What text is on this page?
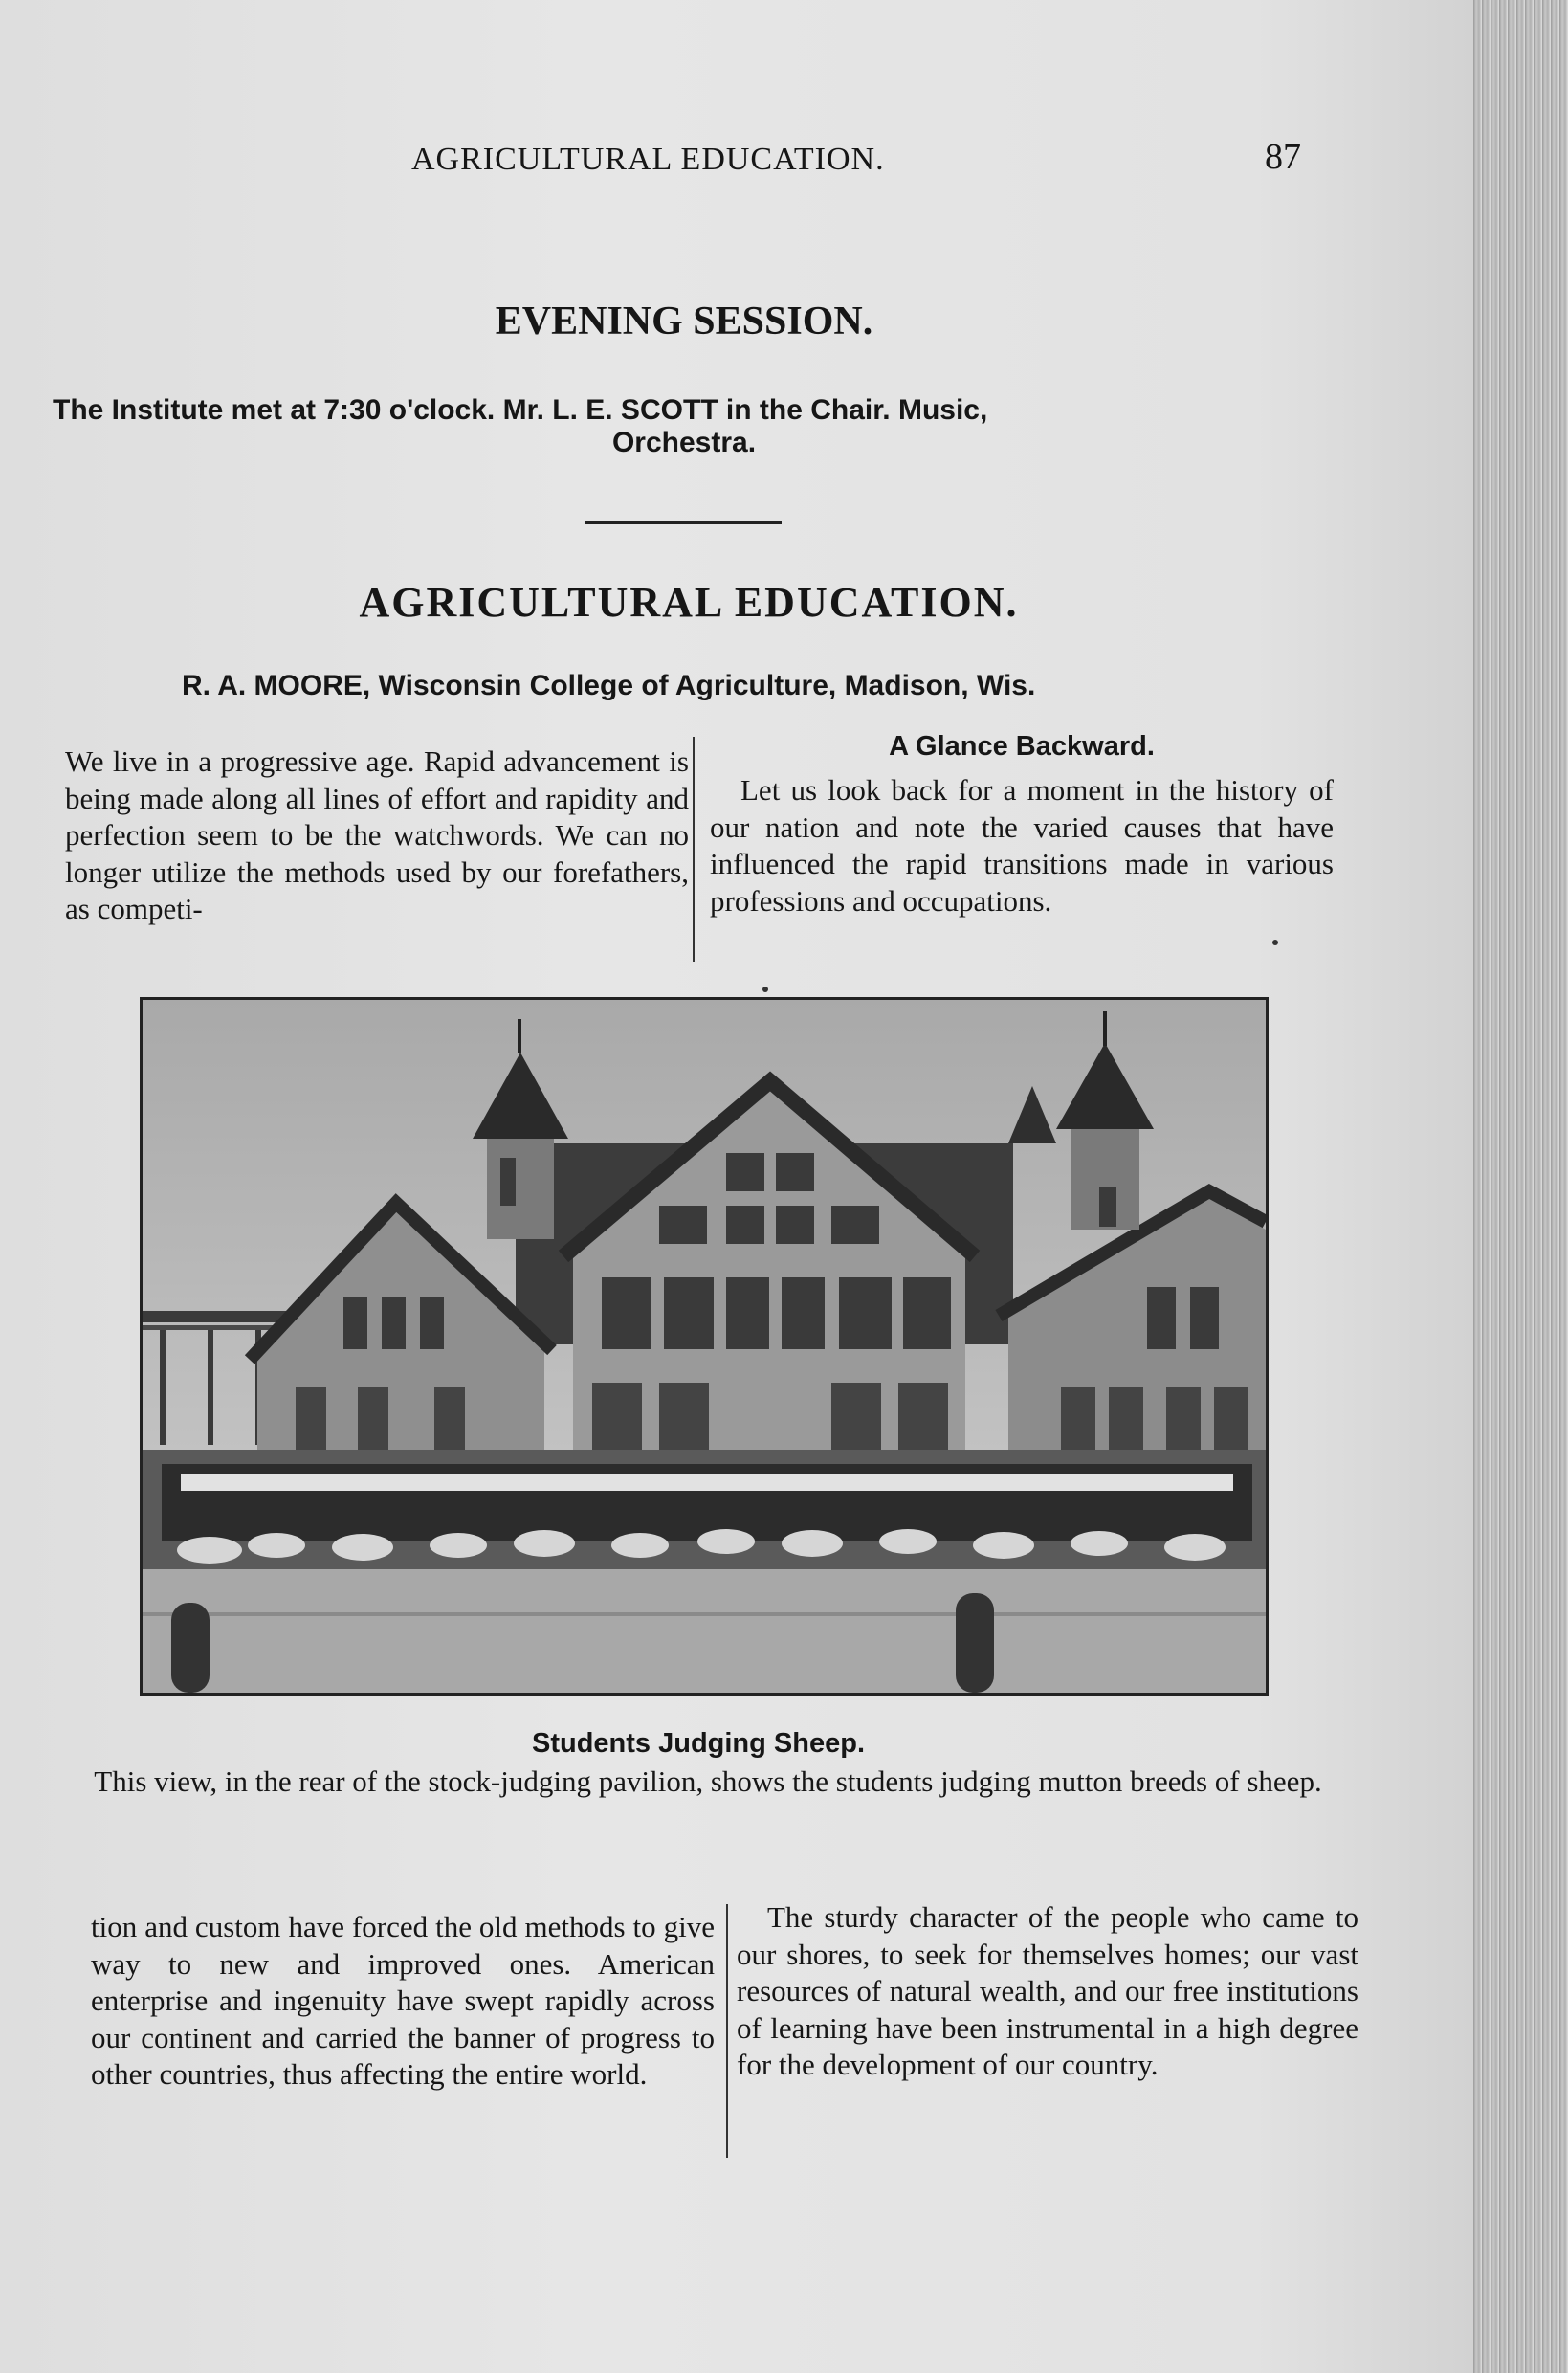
AGRICULTURAL EDUCATION.	87
EVENING SESSION.
The Institute met at 7:30 o'clock. Mr. L. E. SCOTT in the Chair. Music,
Orchestra.
AGRICULTURAL EDUCATION.
R. A. MOORE, Wisconsin College of Agriculture, Madison, Wis.
We live in a progressive age. Rapid advancement is being made along all lines of effort and rapidity and perfection seem to be the watchwords. We can no longer utilize the methods used by our forefathers, as competi-
A Glance Backward.
Let us look back for a moment in the history of our nation and note the varied causes that have influenced the rapid transitions made in various professions and occupations.
Students Judging Sheep.
This view, in the rear of the stock-judging pavilion, shows the students judging mutton breeds of sheep.
tion and custom have forced the old methods to give way to new and improved ones. American enterprise and ingenuity have swept rapidly across our continent and carried the banner of progress to other countries, thus affecting the entire world.
The sturdy character of the people who came to our shores, to seek for themselves homes; our vast resources of natural wealth, and our free institutions of learning have been instrumental in a high degree for the development of our country.
